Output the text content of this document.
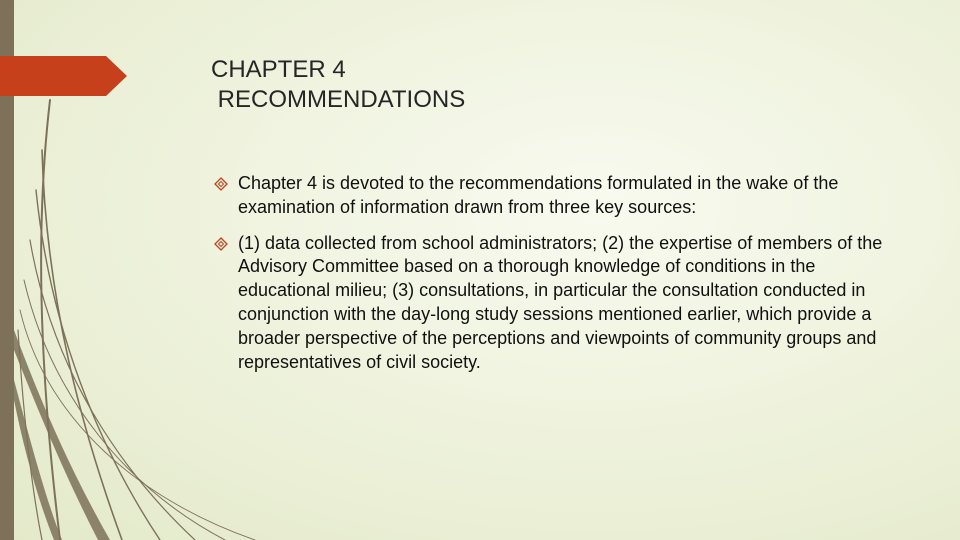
CHAPTER 4
RECOMMENDATIONS
Chapter 4 is devoted to the recommendations formulated in the wake of the examination of information drawn from three key sources:
(1) data collected from school administrators; (2) the expertise of members of the Advisory Committee based on a thorough knowledge of conditions in the educational milieu; (3) consultations, in particular the consultation conducted in conjunction with the day-long study sessions mentioned earlier, which provide a broader perspective of the perceptions and viewpoints of community groups and representatives of civil society.
